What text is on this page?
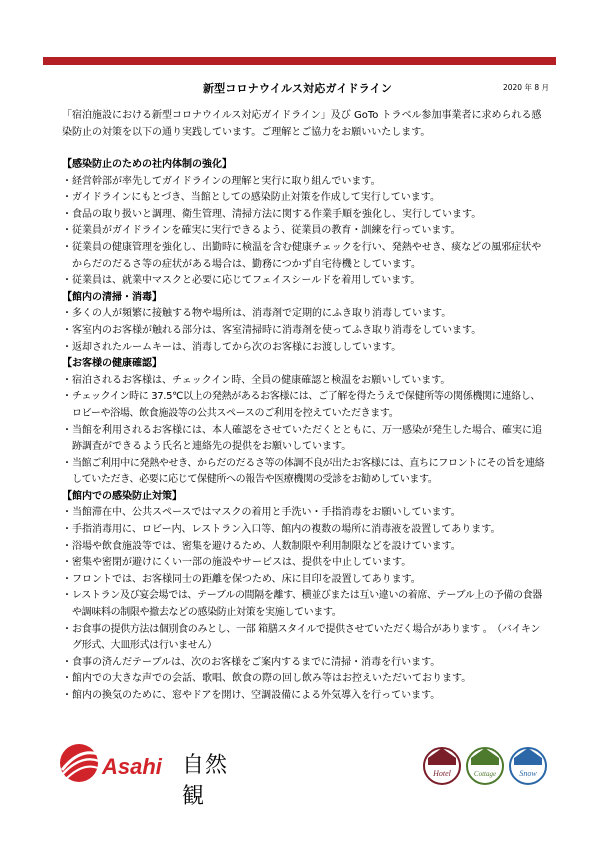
新型コロナウイルス対応ガイドライン	2020 年 8 月
「宿泊施設における新型コロナウイルス対応ガイドライン」及び GoTo トラベル参加事業者に求められる感染防止の対策を以下の通り実践しています。ご理解とご協力をお願いいたします。
【感染防止のための社内体制の強化】
・ 経営幹部が率先してガイドラインの理解と実行に取り組んでいます。
・ ガイドラインにもとづき、当館としての感染防止対策を作成して実行しています。
・ 食品の取り扱いと調理、衛生管理、清掃方法に関する作業手順を強化し、実行しています。
・ 従業員がガイドラインを確実に実行できるよう、従業員の教育・訓練を行っています。
・ 従業員の健康管理を強化し、出勤時に検温を含む健康チェックを行い、発熱やせき、痰などの風邪症状やからだのだるさ等の症状がある場合は、勤務につかず自宅待機としています。
・ 従業員は、就業中マスクと必要に応じてフェイスシールドを着用しています。
【館内の清掃・消毒】
・ 多くの人が頻繁に接触する物や場所は、消毒剤で定期的にふき取り消毒しています。
・ 客室内のお客様が触れる部分は、客室清掃時に消毒剤を使ってふき取り消毒をしています。
・ 返却されたルームキーは、消毒してから次のお客様にお渡ししています。
【お客様の健康確認】
・ 宿泊されるお客様は、チェックイン時、全員の健康確認と検温をお願いしています。
・ チェックイン時に 37.5℃以上の発熱があるお客様には、ご了解を得たうえで保健所等の関係機関に連絡し、ロビーや浴場、飲食施設等の公共スペースのご利用を控えていただきます。
・ 当館を利用されるお客様には、本人確認をさせていただくとともに、万一感染が発生した場合、確実に追跡調査ができるよう氏名と連絡先の提供をお願いしています。
・ 当館ご利用中に発熱やせき、からだのだるさ等の体調不良が出たお客様には、直ちにフロントにその旨を連絡していただき、必要に応じて保健所への報告や医療機関の受診をお勧めしています。
【館内での感染防止対策】
・ 当館滞在中、公共スペースではマスクの着用と手洗い・手指消毒をお願いしています。
・ 手指消毒用に、ロビー内、レストラン入口等、館内の複数の場所に消毒液を設置してあります。
・ 浴場や飲食施設等では、密集を避けるため、人数制限や利用制限などを設けています。
・ 密集や密閉が避けにくい一部の施設やサービスは、提供を中止しています。
・ フロントでは、お客様同士の距離を保つため、床に目印を設置してあります。
・ レストラン及び宴会場では、テーブルの間隔を離す、横並びまたは互い違いの着席、テーブル上の予備の食器や調味料の制限や撤去などの感染防止対策を実施しています。
・ お食事の提供方法は個別食のみとし、一部 箱膳スタイルで提供させていただく場合があります 。　（バイキング形式、大皿形式は行いません）
・ 食事の済んだテーブルは、次のお客様をご案内するまでに清掃・消毒を行います。
・ 館内での大きな声での会話、歌唱、飲食の際の回し飲み等はお控えいただいております。
・ 館内の換気のために、窓やドアを開け、空調設備による外気導入を行っています。
Asahi 自然観
Hotel	Cottage	Snow
